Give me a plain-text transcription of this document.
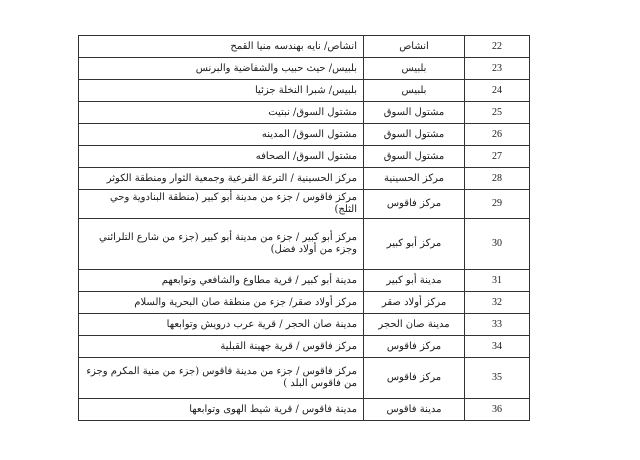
22	انشاص	انشاص/ نايه بهندسه منيا القمح
23	بلبيس	بلبيس/ حيث حبيب والشفاضية والبرنس
24	بلبيس	بلبيس/ شبرا النخلة جزئيا
25	مشتول السوق	مشتول السوق/ نبتيت
26	مشتول السوق	مشتول السوق/ المدينه
27	مشتول السوق	مشتول السوق/ الصحافه
28	مركز الحسينية	مركز الحسينية / الترعة الفرعية وجمعية الثوار ومنطقة الكوثر
29	مركز فاقوس	مركز فاقوس / جزء من مدينة أبو كبير (منطقة البنادوية وحي الثلج)
30	مركز أبو كبير	مركز أبو كبير / جزء من مدينة أبو كبير (جزء من شارع التلرائني وجزء من أولاد فضل)
31	مدينة أبو كبير	مدينة أبو كبير / قرية مطاوع والشافعي وتوابعهم
32	مركز أولاد صقر	مركز أولاد صقر/ جزء من منطقة صان البحرية والسلام
33	مدينة صان الحجر	مدينة صان الحجر / قرية عرب درويش وتوابعها
34	مركز فاقوس	مركز فاقوس / قرية جهينة القبلية
35	مركز فاقوس	مركز فاقوس / جزء من مدينة فاقوس (جزء من منية المكرم وجزء من فاقوس البلد )
36	مدينة فاقوس	مدينة فاقوس / قرية شيط الهوى وتوابعها
